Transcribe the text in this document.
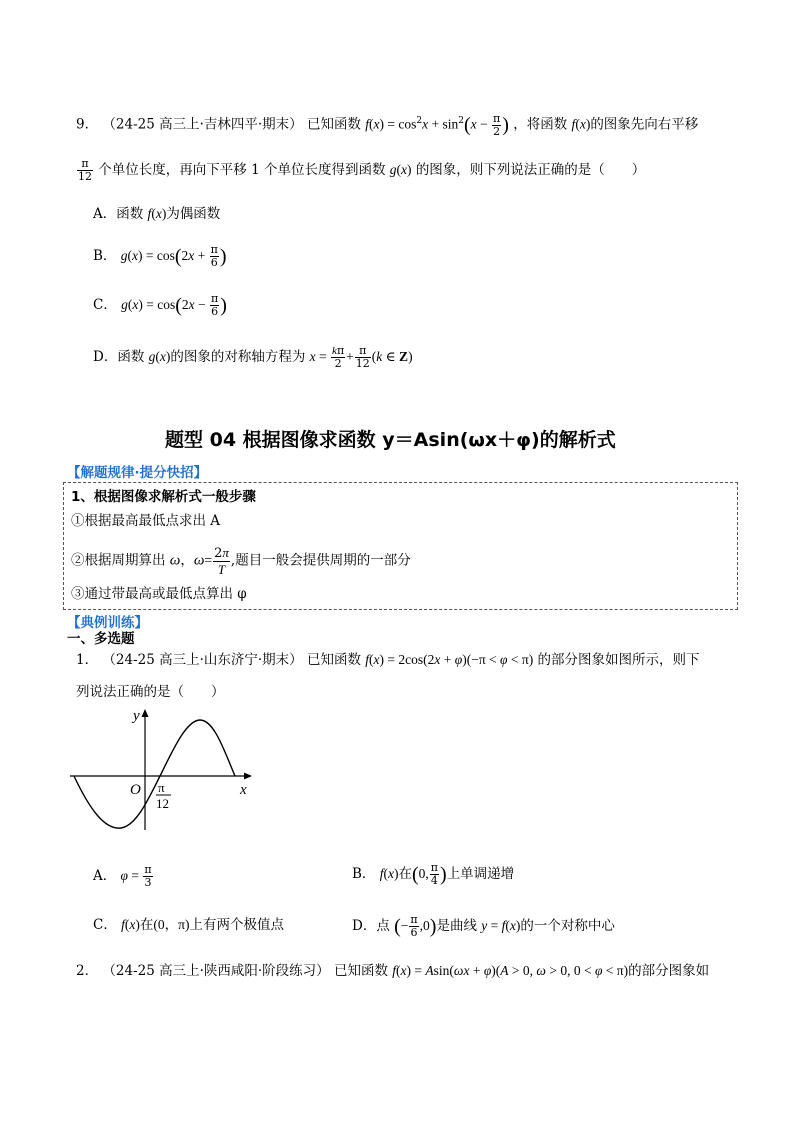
9． （24-25 高三上·吉林四平·期末） 已知函数 $f(x) = \cos^2x + \sin^2(x - \frac{\pi}{2}$ ) ，将函数 f(x)的图象先向右平移
$\frac{\pi}{12}$ 个单位长度，再向下平移 1 个单位长度得到函数 g(x) 的图象，则下列说法正确的是（　　）
A．函数 f(x)为偶函数
B． $g(x) = \cos(2x + \frac{\pi}{6}$ )
C． $g(x) = \cos(2x - \frac{\pi}{6}$ )
D．函数 g(x)的图象的对称轴方程为 $x = \frac{k\pi}{2} + \frac{\pi}{12} (k$ ∈ Z)
题型 04 根据图像求函数 y＝Asin(ωx＋φ)的解析式
【解题规律·提分快招】
1、根据图像求解析式一般步骤
①根据最高最低点求出 A
②根据周期算出 ω，$\omega= \frac{2\pi}{T}$ ,题目一般会提供周期的一部分
③通过带最高或最低点算出 φ
【典例训练】
一、多选题
1． （24-25 高三上·山东济宁·期末） 已知函数 f(x) = 2cos(2x + φ)(−π < φ < π) 的部分图象如图所示，则下
列说法正确的是（　　）
y
x
O π
12
A． $\varphi = \frac{\pi}{3}$	B． f(x)在(0, $\frac{\pi}{4}$ )上单调递增
C． f(x)在(0，π)上有两个极值点	D．点 (− $\frac{\pi}{6} ,0$)是曲线 y = f(x)的一个对称中心
2． （24-25 高三上·陕西咸阳·阶段练习） 已知函数 f(x) = Asin(ωx + φ)(A > 0, ω > 0, 0 < φ < π)的部分图象如
